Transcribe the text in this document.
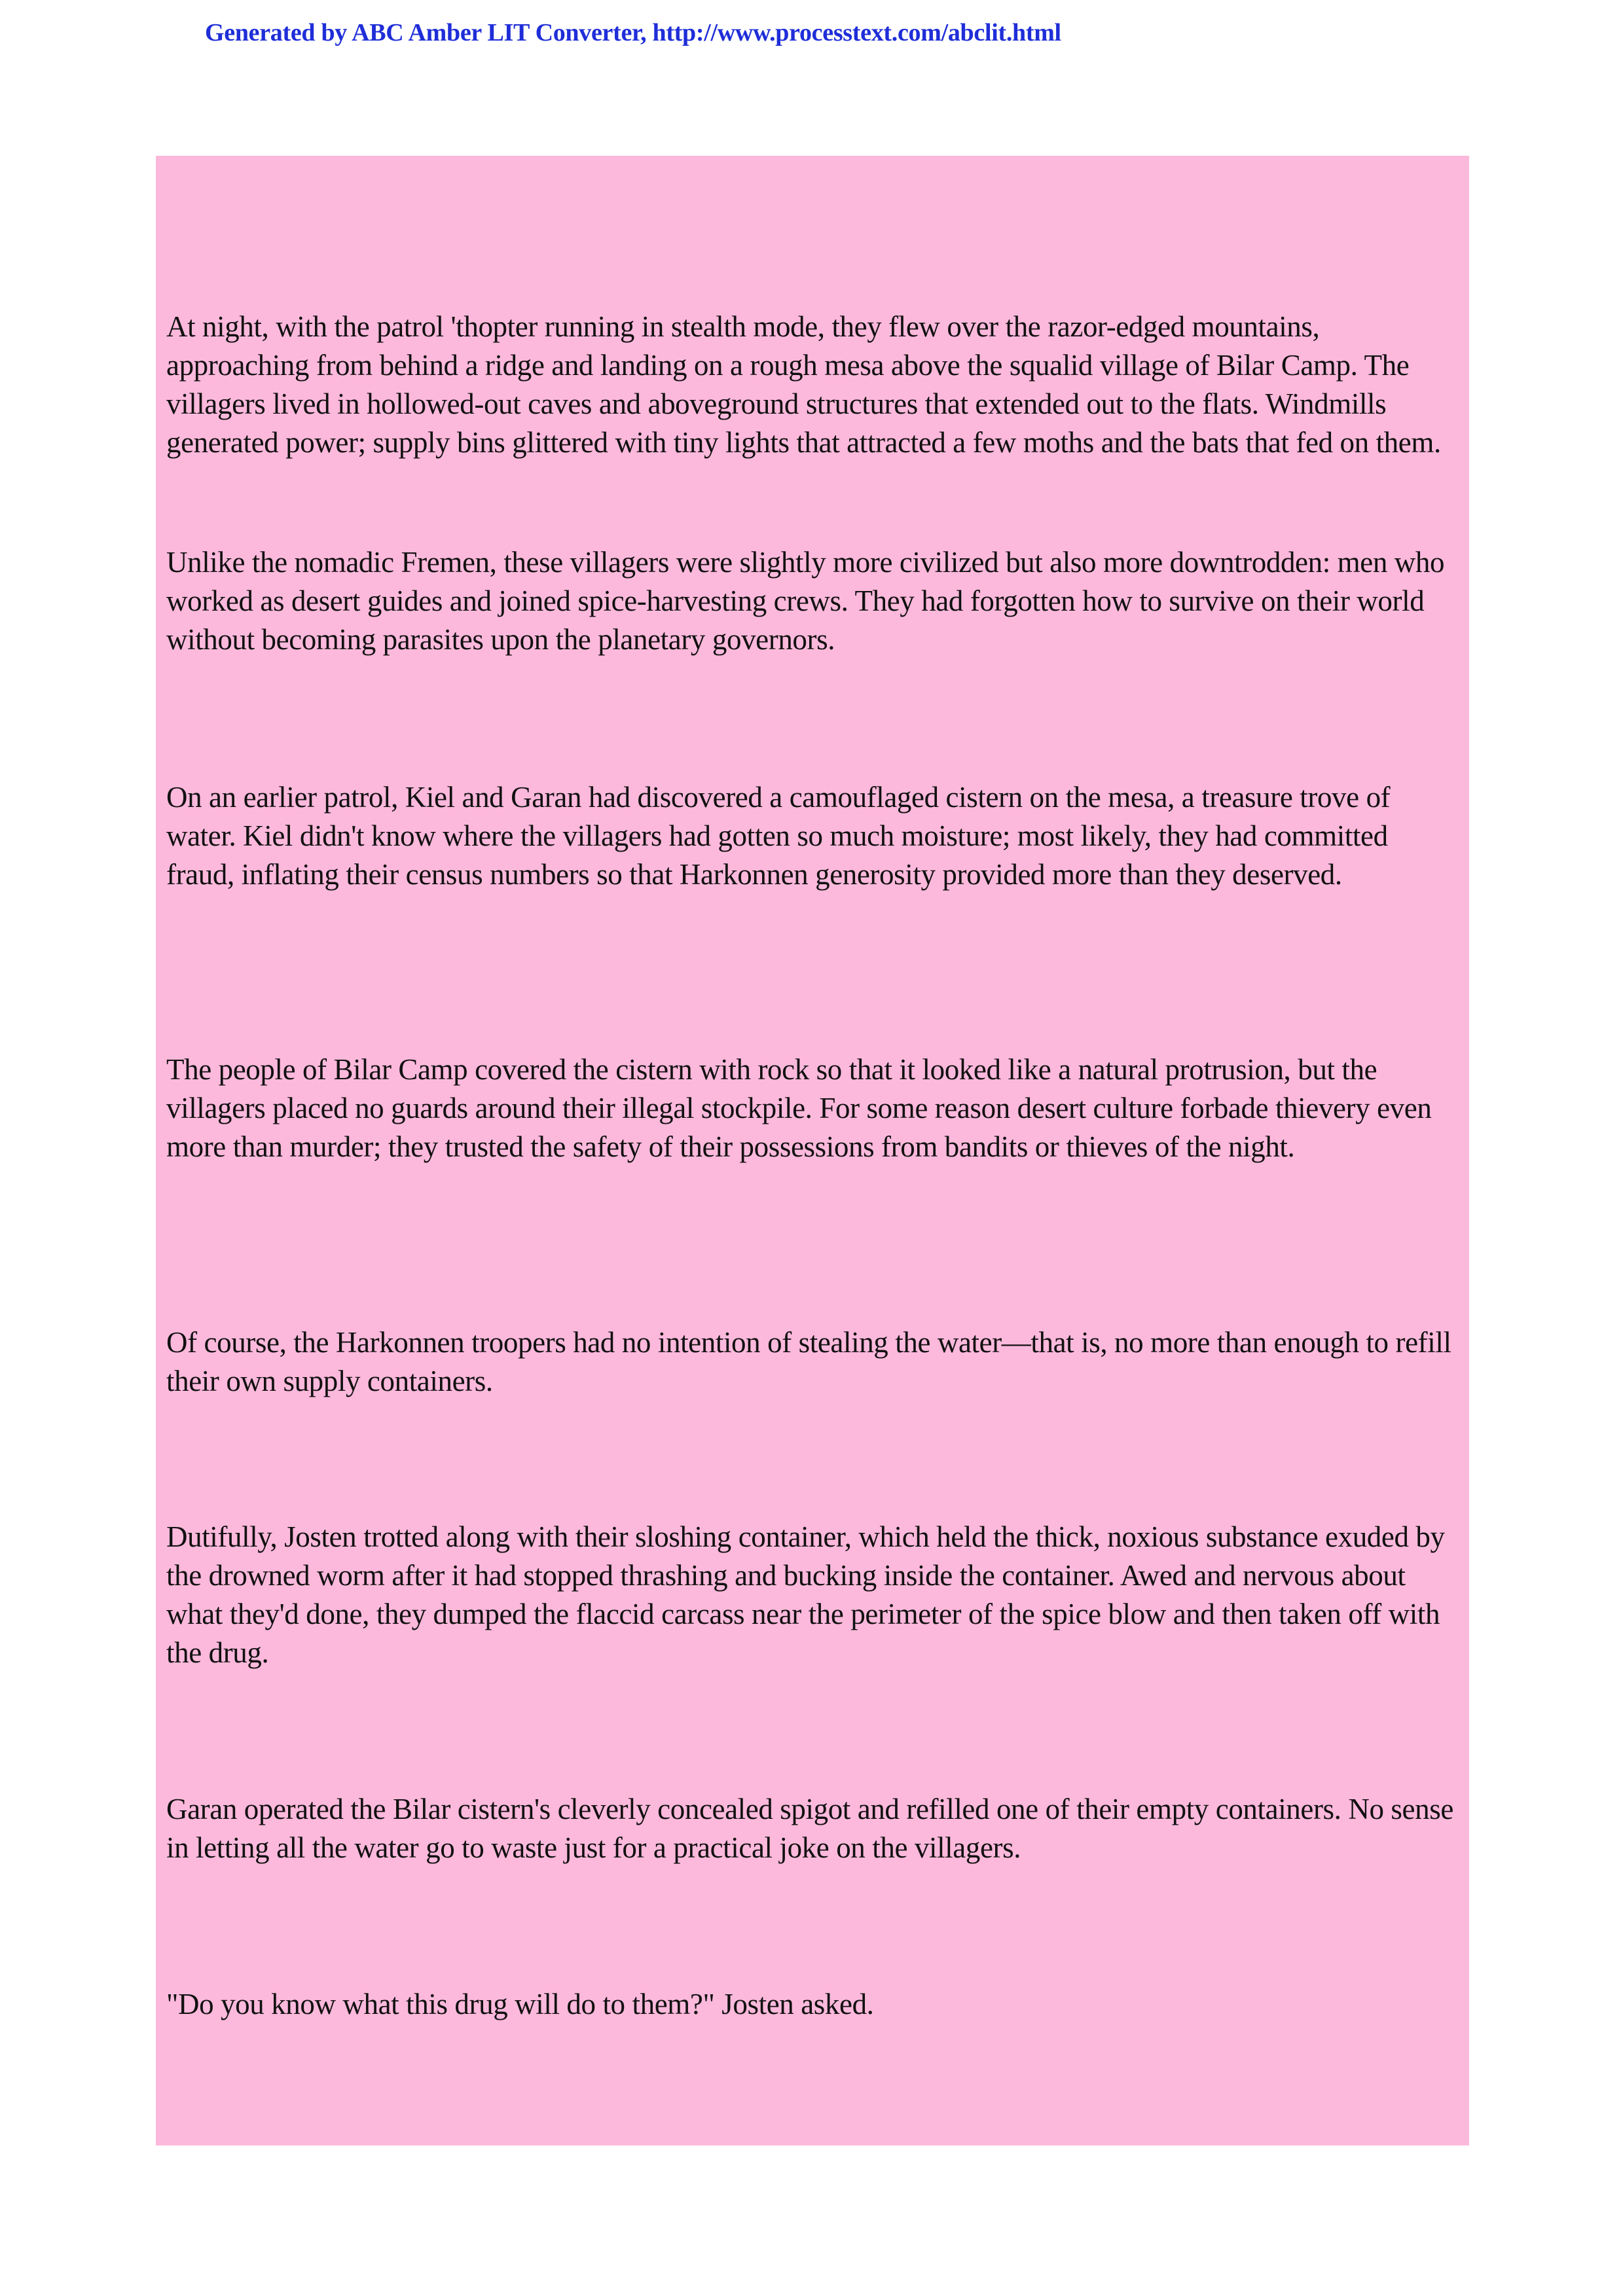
Generated by ABC Amber LIT Converter, http://www.processtext.com/abclit.html

At night, with the patrol 'thopter running in stealth mode, they flew over the razor-edged mountains, approaching from behind a ridge and landing on a rough mesa above the squalid village of Bilar Camp. The villagers lived in hollowed-out caves and aboveground structures that extended out to the flats. Windmills generated power; supply bins glittered with tiny lights that attracted a few moths and the bats that fed on them.

Unlike the nomadic Fremen, these villagers were slightly more civilized but also more downtrodden: men who worked as desert guides and joined spice-harvesting crews. They had forgotten how to survive on their world without becoming parasites upon the planetary governors.

On an earlier patrol, Kiel and Garan had discovered a camouflaged cistern on the mesa, a treasure trove of water. Kiel didn't know where the villagers had gotten so much moisture; most likely, they had committed fraud, inflating their census numbers so that Harkonnen generosity provided more than they deserved.

The people of Bilar Camp covered the cistern with rock so that it looked like a natural protrusion, but the villagers placed no guards around their illegal stockpile. For some reason desert culture forbade thievery even more than murder; they trusted the safety of their possessions from bandits or thieves of the night.

Of course, the Harkonnen troopers had no intention of stealing the water—that is, no more than enough to refill their own supply containers.

Dutifully, Josten trotted along with their sloshing container, which held the thick, noxious substance exuded by the drowned worm after it had stopped thrashing and bucking inside the container. Awed and nervous about what they'd done, they dumped the flaccid carcass near the perimeter of the spice blow and then taken off with the drug.

Garan operated the Bilar cistern's cleverly concealed spigot and refilled one of their empty containers. No sense in letting all the water go to waste just for a practical joke on the villagers.

"Do you know what this drug will do to them?" Josten asked.
